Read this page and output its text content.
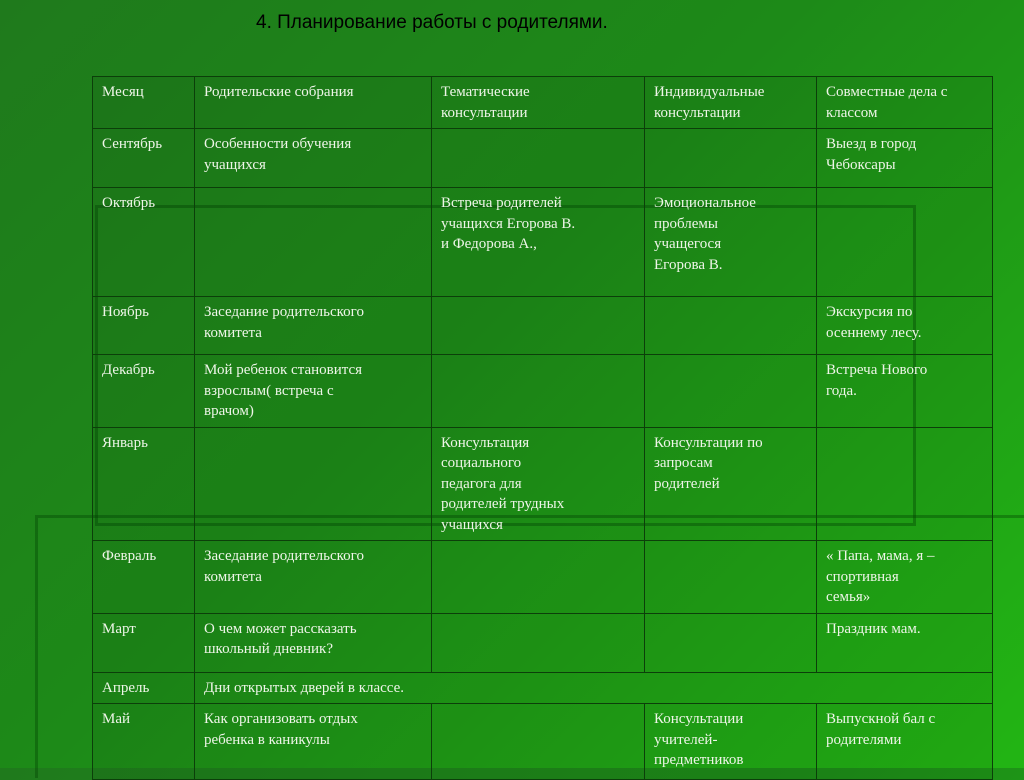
4. Планирование работы с родителями.
Месяц	Родительские собрания	Тематические
консультации	Индивидуальные
консультации	Совместные дела с
классом
Сентябрь	Особенности обучения
учащихся			Выезд в город
Чебоксары
Октябрь		Встреча родителей
учащихся Егорова В.
и Федорова А.,	Эмоциональное
проблемы
учащегося
Егорова В.	
Ноябрь	Заседание родительского
комитета			Экскурсия по
осеннему лесу.
Декабрь	Мой ребенок становится
взрослым( встреча с
врачом)			Встреча Нового
года.
Январь		Консультация
социального
педагога для
родителей трудных
учащихся	Консультации по
запросам
родителей	
Февраль	Заседание родительского
комитета			« Папа, мама, я –
спортивная
семья»
Март	О чем может рассказать
школьный дневник?			Праздник мам.
Апрель	Дни открытых дверей в классе.			
Май	Как организовать отдых
ребенка в каникулы		Консультации
учителей-
предметников	Выпускной бал с
родителями
